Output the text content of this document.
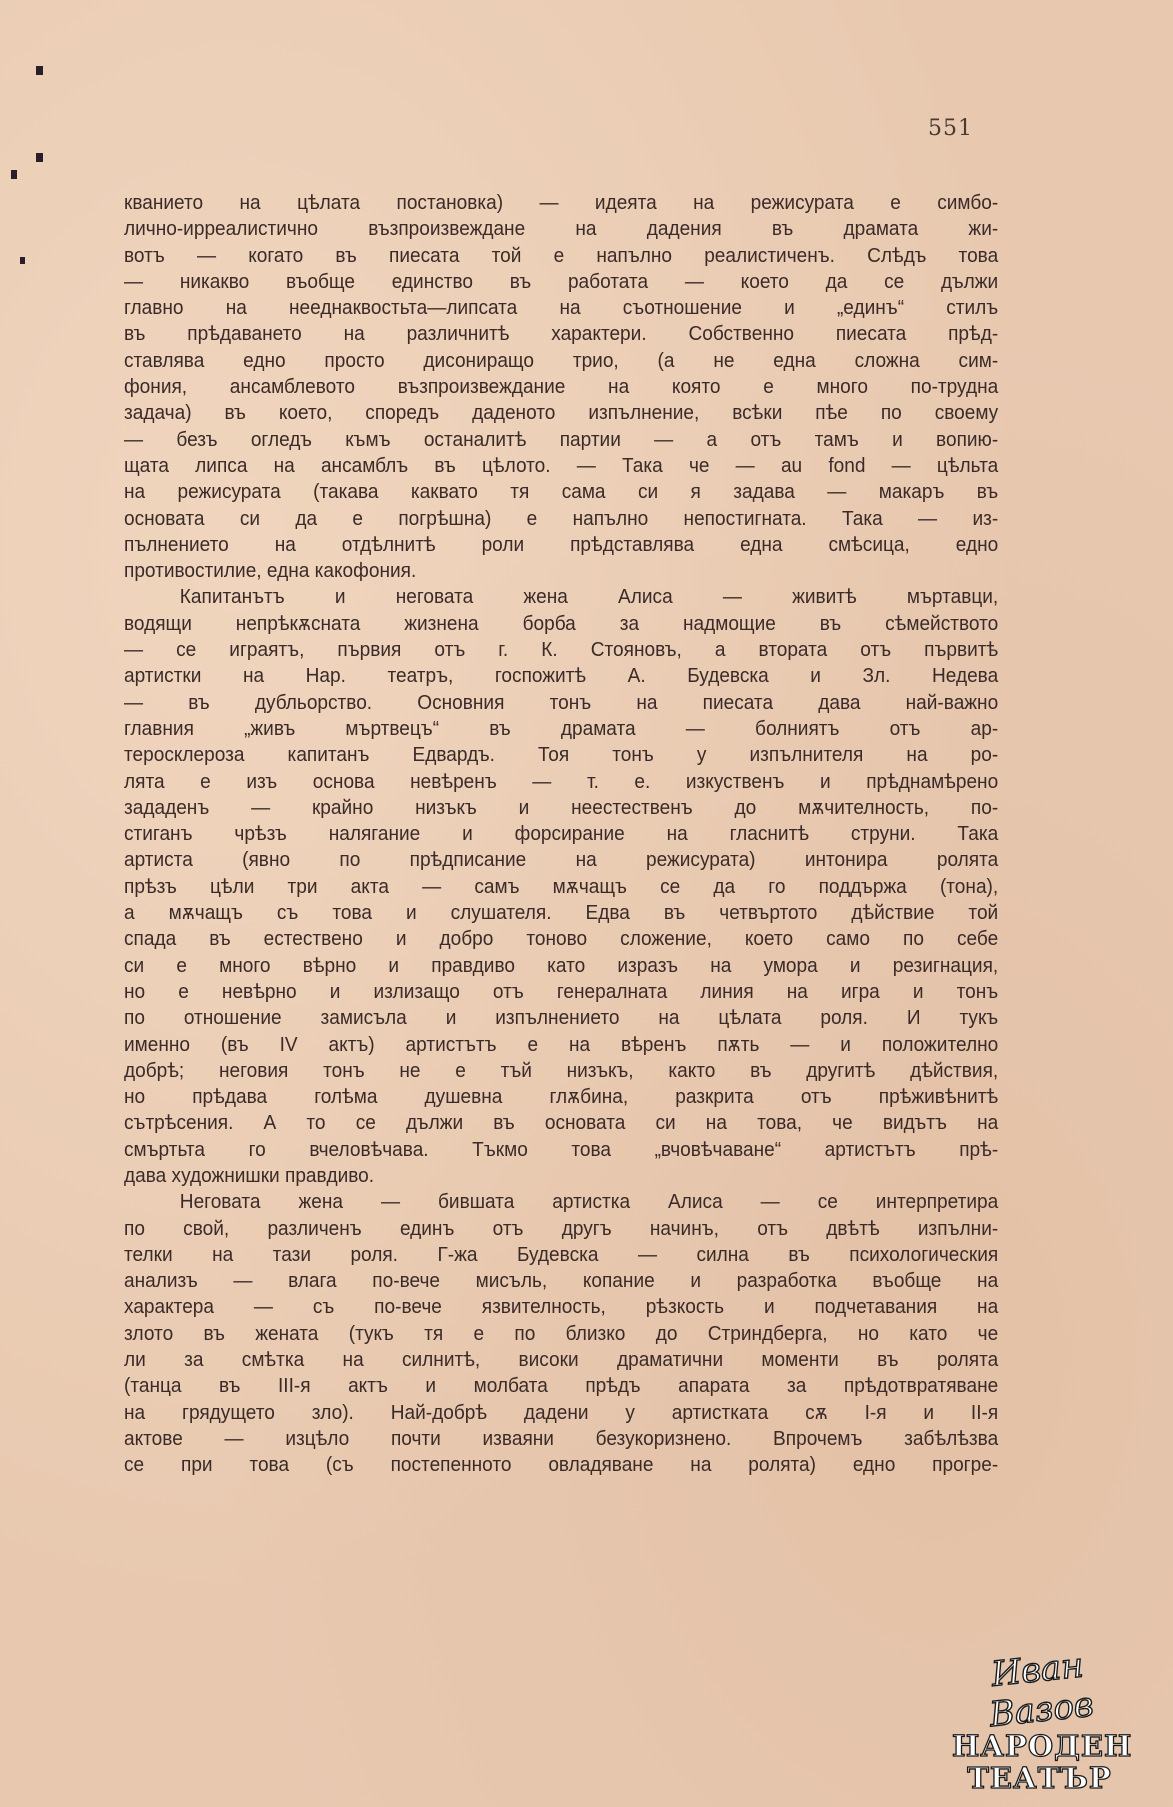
551
кванието на цѣлата постановка) — идеята на режисурата е симбо-
лично-ирреалистично възпроизвеждане на дадения въ драмата жи-
вотъ — когато въ пиесата той е напълно реалистиченъ. Слѣдъ това
— никакво въобще единство въ работата — което да се дължи
главно на нееднаквостьта—липсата на съотношение и „единъ“ стилъ
въ прѣдаването на различнитѣ характери. Собственно пиесата прѣд-
ставлява едно просто дисониращо трио, (а не една сложна сим-
фония, ансамблевото възпроизвеждание на която е много по-трудна
задача) въ което, споредъ даденото изпълнение, всѣки пѣе по своему
— безъ огледъ къмъ останалитѣ партии — а отъ тамъ и вопию-
щата липса на ансамблъ въ цѣлото. — Така че — au fond — цѣльта
на режисурата (такава каквато тя сама си я задава — макаръ въ
основата си да е погрѣшна) е напълно непостигната. Така — из-
пълнението на отдѣлнитѣ роли прѣдставлява една смѣсица, едно
противостилие, една какофония.
Капитанътъ и неговата жена Алиса — живитѣ мъртавци,
водящи непрѣкѫсната жизнена борба за надмощие въ сѣмейството
— се играятъ, първия отъ г. К. Стояновъ, а втората отъ първитѣ
артистки на Нар. театръ, госпожитѣ А. Будевска и Зл. Недева
— въ дубльорство. Основния тонъ на пиесата дава най-важно
главния „живъ мъртвецъ“ въ драмата — болниятъ отъ ар-
теросклероза капитанъ Едвардъ. Тоя тонъ у изпълнителя на ро-
лята е изъ основа невѣренъ — т. е. изкуственъ и прѣднамѣрено
зададенъ — крайно низъкъ и неестественъ до мѫчителность, по-
стиганъ чрѣзъ налягание и форсирание на гласнитѣ струни. Така
артиста (явно по прѣдписание на режисурата) интонира ролята
прѣзъ цѣли три акта — самъ мѫчащъ се да го поддържа (тона),
а мѫчащъ съ това и слушателя. Едва въ четвъртото дѣйствие той
спада въ естествено и добро тоново сложение, което само по себе
си е много вѣрно и правдиво като изразъ на умора и резигнация,
но е невѣрно и излизащо отъ генералната линия на игра и тонъ
по отношение замисъла и изпълнението на цѣлата роля. И тукъ
именно (въ IV актъ) артистътъ е на вѣренъ пѫть — и положително
добрѣ; неговия тонъ не е тъй низъкъ, както въ другитѣ дѣйствия,
но прѣдава голѣма душевна глѫбина, разкрита отъ прѣживѣнитѣ
сътрѣсения. А то се дължи въ основата си на това, че видътъ на
смъртьта го вчеловѣчава. Тъкмо това „вчовѣчаване“ артистътъ прѣ-
дава художнишки правдиво.
Неговата жена — бившата артистка Алиса — се интерпретира
по свой, различенъ единъ отъ другъ начинъ, отъ двѣтѣ изпълни-
телки на тази роля. Г-жа Будевска — силна въ психологическия
анализъ — влага по-вече мисъль, копание и разработка въобще на
характера — съ по-вече язвителность, рѣзкость и подчетавания на
злото въ жената (тукъ тя е по близко до Стриндберга, но като че
ли за смѣтка на силнитѣ, високи драматични моменти въ ролята
(танца въ III-я актъ и молбата прѣдъ апарата за прѣдотвратяване
на грядущето зло). Най-добрѣ дадени у артистката сѫ I-я и II-я
актове — изцѣло почти изваяни безукоризнено. Впрочемъ забѣлѣзва
се при това (съ постепенното овладяване на ролята) едно прогре-
Иван Вазов
НАРОДЕН
ТЕАТЪР
